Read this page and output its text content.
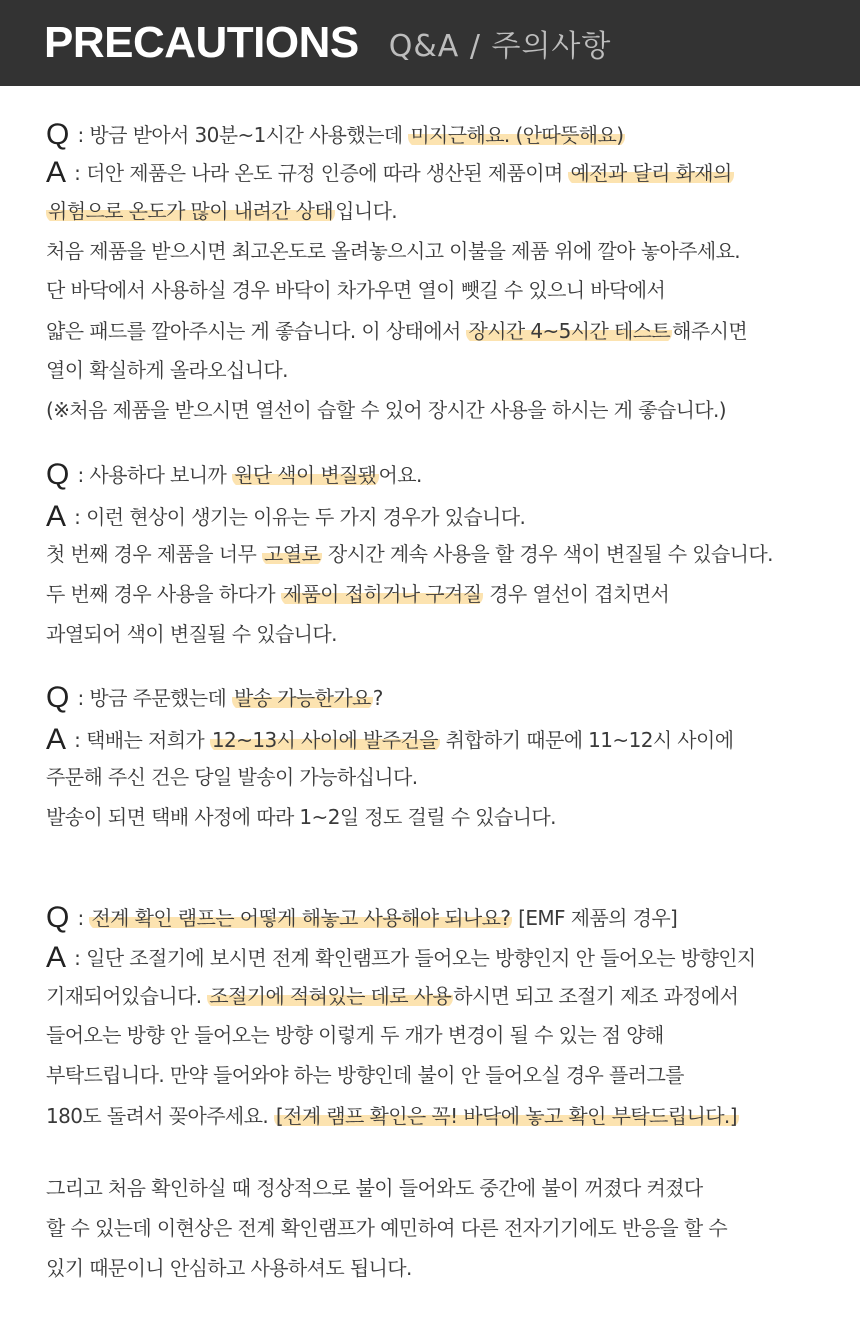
PRECAUTIONS Q&A / 주의사항
Q : 방금 받아서 30분~1시간 사용했는데 미지근해요. (안따뜻해요)
A : 더안 제품은 나라 온도 규정 인증에 따라 생산된 제품이며 예전과 달리 화재의
위험으로 온도가 많이 내려간 상태 입니다.
처음 제품을 받으시면 최고온도로 올려놓으시고 이불을 제품 위에 깔아 놓아주세요.
단 바닥에서 사용하실 경우 바닥이 차가우면 열이 뺏길 수 있으니 바닥에서
얇은 패드를 깔아주시는 게 좋습니다. 이 상태에서 장시간 4~5시간 테스트 해주시면
열이 확실하게 올라오십니다.
(※처음 제품을 받으시면 열선이 습할 수 있어 장시간 사용을 하시는 게 좋습니다.)
Q : 사용하다 보니까 원단 색이 변질됐 어요.
A : 이런 현상이 생기는 이유는 두 가지 경우가 있습니다.
첫 번째 경우 제품을 너무 고열로 장시간 계속 사용을 할 경우 색이 변질될 수 있습니다.
두 번째 경우 사용을 하다가 제품이 접히거나 구겨질 경우 열선이 겹치면서
과열되어 색이 변질될 수 있습니다.
Q : 방금 주문했는데 발송 가능한가요 ?
A : 택배는 저희가 12~13시 사이에 발주건을 취합하기 때문에 11~12시 사이에
주문해 주신 건은 당일 발송이 가능하십니다.
발송이 되면 택배 사정에 따라 1~2일 정도 걸릴 수 있습니다.
Q : 전계 확인 램프는 어떻게 해놓고 사용해야 되나요? [EMF 제품의 경우]
A : 일단 조절기에 보시면 전계 확인램프가 들어오는 방향인지 안 들어오는 방향인지
기재되어있습니다. 조절기에 적혀있는 데로 사용 하시면 되고 조절기 제조 과정에서
들어오는 방향 안 들어오는 방향 이렇게 두 개가 변경이 될 수 있는 점 양해
부탁드립니다. 만약 들어와야 하는 방향인데 불이 안 들어오실 경우 플러그를
180도 돌려서 꽂아주세요. [전계 램프 확인은 꼭! 바닥에 놓고 확인 부탁드립니다.]
그리고 처음 확인하실 때 정상적으로 불이 들어와도 중간에 불이 꺼졌다 켜졌다
할 수 있는데 이현상은 전계 확인램프가 예민하여 다른 전자기기에도 반응을 할 수
있기 때문이니 안심하고 사용하셔도 됩니다.
